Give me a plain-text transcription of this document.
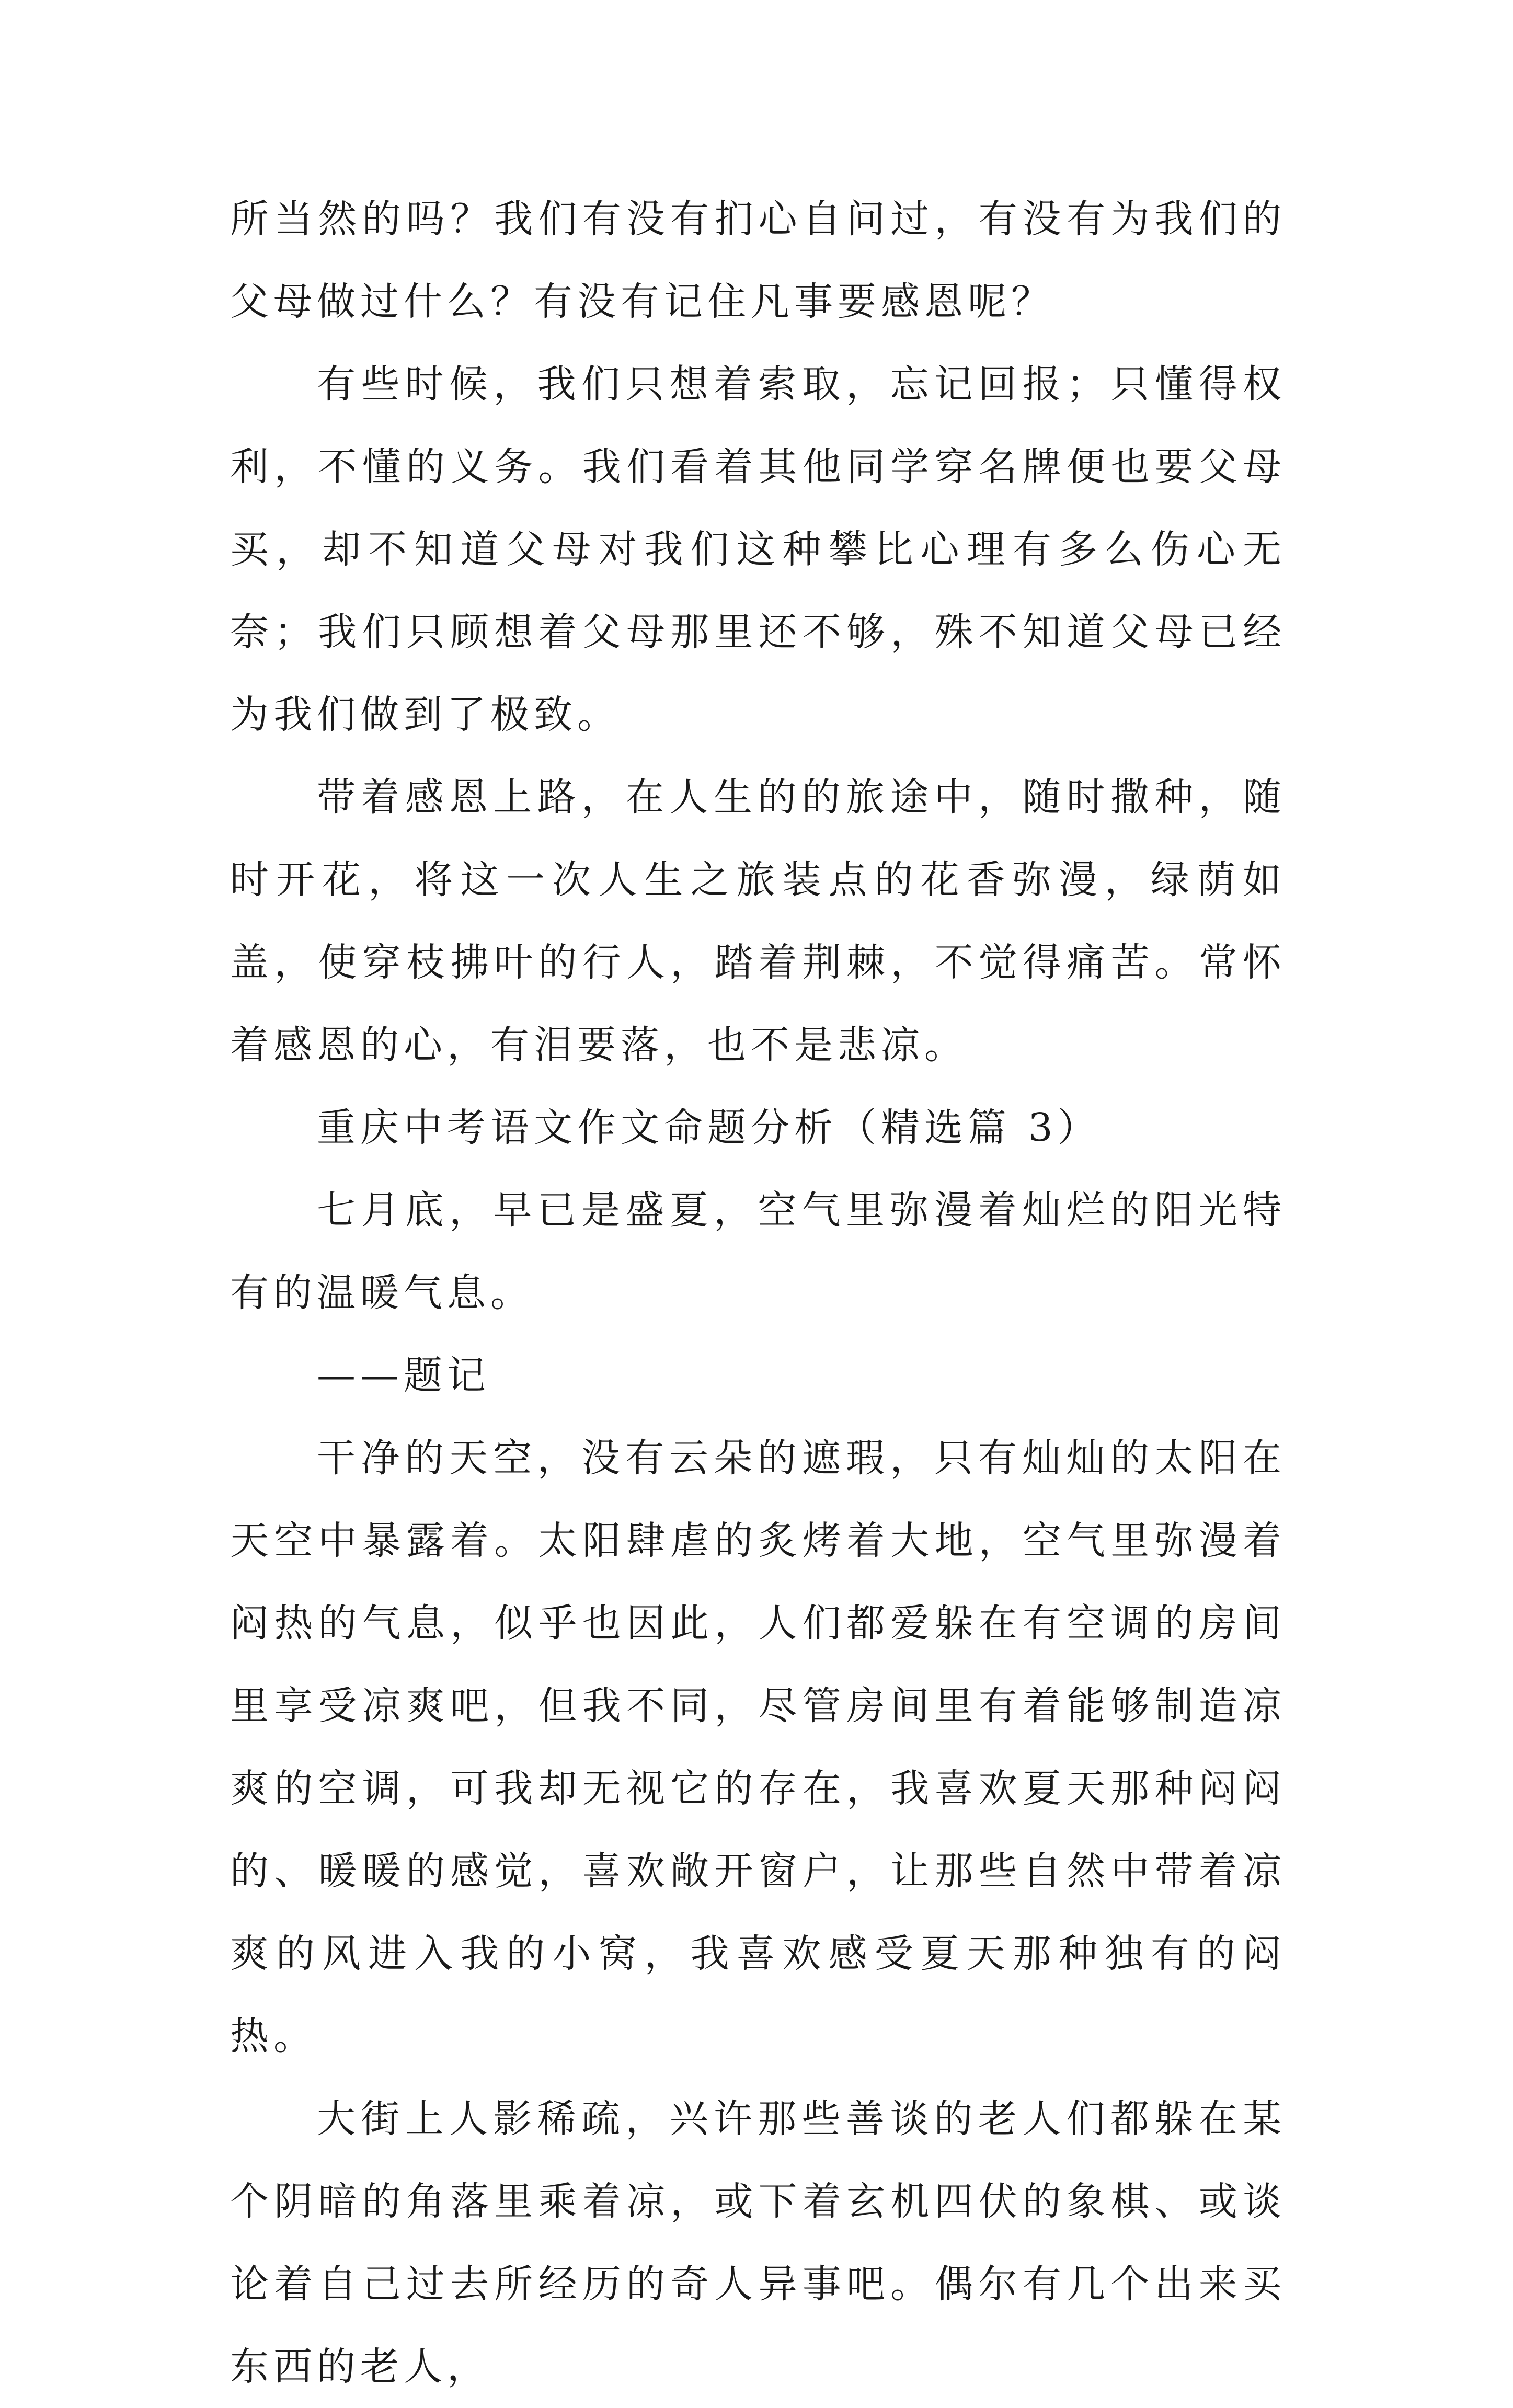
所当然的吗？我们有没有扪心自问过，有没有为我们的父母做过什么？有没有记住凡事要感恩呢？

有些时候，我们只想着索取，忘记回报；只懂得权利，不懂的义务。我们看着其他同学穿名牌便也要父母买，却不知道父母对我们这种攀比心理有多么伤心无奈；我们只顾想着父母那里还不够，殊不知道父母已经为我们做到了极致。

带着感恩上路，在人生的的旅途中，随时撒种，随时开花，将这一次人生之旅装点的花香弥漫，绿荫如盖，使穿枝拂叶的行人，踏着荆棘，不觉得痛苦。常怀着感恩的心，有泪要落，也不是悲凉。

重庆中考语文作文命题分析（精选篇 3）

七月底，早已是盛夏，空气里弥漫着灿烂的阳光特有的温暖气息。

——题记

干净的天空，没有云朵的遮瑕，只有灿灿的太阳在天空中暴露着。太阳肆虐的炙烤着大地，空气里弥漫着闷热的气息，似乎也因此，人们都爱躲在有空调的房间里享受凉爽吧，但我不同，尽管房间里有着能够制造凉爽的空调，可我却无视它的存在，我喜欢夏天那种闷闷的、暖暖的感觉，喜欢敞开窗户，让那些自然中带着凉爽的风进入我的小窝，我喜欢感受夏天那种独有的闷热。

大街上人影稀疏，兴许那些善谈的老人们都躲在某个阴暗的角落里乘着凉，或下着玄机四伏的象棋、或谈论着自己过去所经历的奇人异事吧。偶尔有几个出来买东西的老人，
